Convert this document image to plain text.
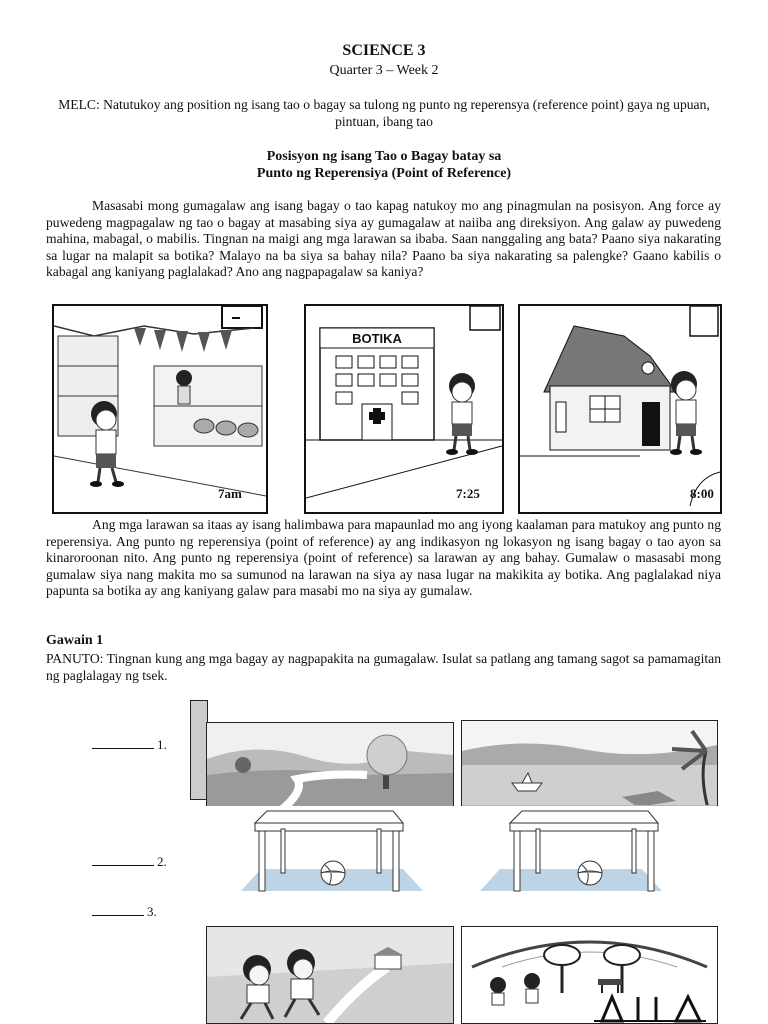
SCIENCE 3
Quarter 3 – Week 2
MELC: Natutukoy ang position ng isang tao o bagay sa tulong ng punto ng reperensya (reference point) gaya ng upuan, pintuan, ibang tao
Posisyon ng isang Tao o Bagay batay sa
Punto ng Reperensiya (Point of Reference)
Masasabi mong gumagalaw ang isang bagay o tao kapag natukoy mo ang pinagmulan na posisyon. Ang force ay puwedeng magpagalaw ng tao o bagay at masabing siya ay gumagalaw at naiiba ang direksiyon. Ang galaw ay puwedeng mahina, mabagal, o mabilis. Tingnan na maigi ang mga larawan sa ibaba. Saan nanggaling ang bata? Paano siya nakarating sa lugar na malapit sa botika? Malayo na ba siya sa bahay nila? Paano ba siya nakarating sa palengke? Gaano kabilis o kabagal ang kaniyang paglalakad? Ano ang nagpapagalaw sa kaniya?
7am
BOTIKA
7:25	8:00
Ang mga larawan sa itaas ay isang halimbawa para mapaunlad mo ang iyong kaalaman para matukoy ang punto ng reperensiya. Ang punto ng reperensiya (point of reference) ay ang indikasyon ng lokasyon ng isang bagay o tao ayon sa kinaroroonan nito. Ang punto ng reperensiya (point of reference) sa larawan ay ang bahay. Gumalaw o masasabi mong gumalaw siya nang makita mo sa sumunod na larawan na siya ay nasa lugar na makikita ay botika. Ang paglalakad niya papunta sa botika ay ang kaniyang galaw para masabi mo na siya ay gumalaw.
Gawain 1
PANUTO: Tingnan kung ang mga bagay ay nagpapakita na gumagalaw. Isulat sa patlang ang tamang sagot sa pamamagitan ng paglalagay ng tsek.
1.
2.
3.
